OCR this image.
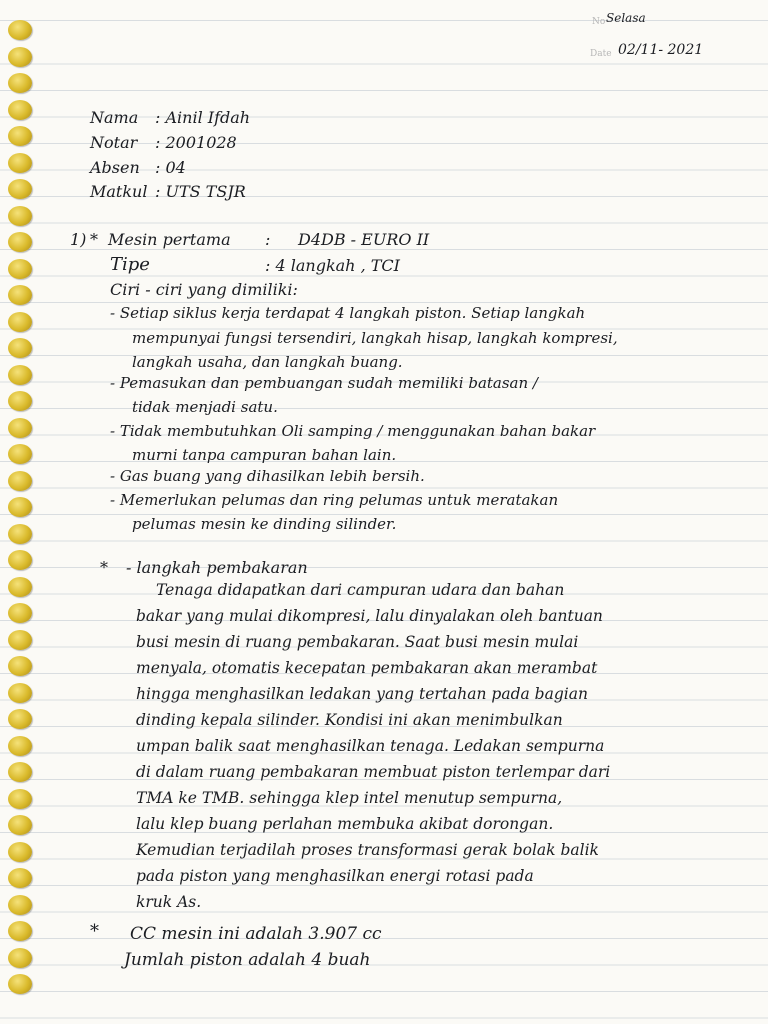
No Selasa
Date 02/11- 2021
Nama : Ainil Ifdah
Notar : 2001028
Absen : 04
Matkul : UTS TSJR
1) * Mesin pertama : D4DB - EURO II
Tipe	: 4 langkah , TCI
Ciri - ciri yang dimiliki:
- Setiap siklus kerja terdapat 4 langkah piston. Setiap langkah
mempunyai fungsi tersendiri, langkah hisap, langkah kompresi,
langkah usaha, dan langkah buang.
- Pemasukan dan pembuangan sudah memiliki batasan /
tidak menjadi satu.
- Tidak membutuhkan Oli samping / menggunakan bahan bakar
murni tanpa campuran bahan lain.
- Gas buang yang dihasilkan lebih bersih.
- Memerlukan pelumas dan ring pelumas untuk meratakan
pelumas mesin ke dinding silinder.
* - langkah pembakaran
Tenaga didapatkan dari campuran udara dan bahan
bakar yang mulai dikompresi, lalu dinyalakan oleh bantuan
busi mesin di ruang pembakaran. Saat busi mesin mulai
menyala, otomatis kecepatan pembakaran akan merambat
hingga menghasilkan ledakan yang tertahan pada bagian
dinding kepala silinder. Kondisi ini akan menimbulkan
umpan balik saat menghasilkan tenaga. Ledakan sempurna
di dalam ruang pembakaran membuat piston terlempar dari
TMA ke TMB. sehingga klep intel menutup sempurna,
lalu klep buang perlahan membuka akibat dorongan.
Kemudian terjadilah proses transformasi gerak bolak balik
pada piston yang menghasilkan energi rotasi pada
kruk As.
* CC mesin ini adalah 3.907 cc
Jumlah piston adalah 4 buah
